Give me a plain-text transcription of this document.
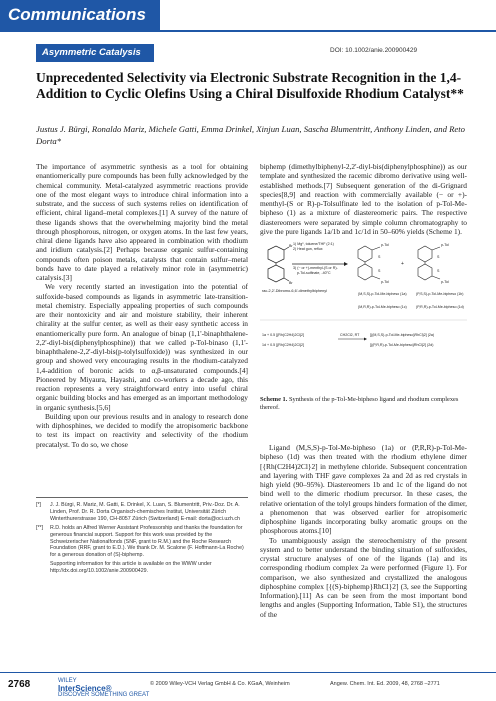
Communications
Asymmetric Catalysis	DOI: 10.1002/anie.200900429
Unprecedented Selectivity via Electronic Substrate Recognition in the 1,4-Addition to Cyclic Olefins Using a Chiral Disulfoxide Rhodium Catalyst**
Justus J. Bürgi, Ronaldo Mariz, Michele Gatti, Emma Drinkel, Xinjun Luan, Sascha Blumentritt, Anthony Linden, and Reto Dorta*

The importance of asymmetric synthesis as a tool for obtaining enantiomerically pure compounds has been fully acknowledged by the chemical community. Metal-catalyzed asymmetric reactions provide one of the most elegant ways to introduce chiral information into a substrate, and the success of such systems relies on identification of efficient, chiral ligand–metal complexes.[1] A survey of the nature of these ligands shows that the overwhelming majority bind the metal through phosphorous, nitrogen, or oxygen atoms. In the last few years, chiral diene ligands have also appeared in combination with rhodium and iridium catalysis.[2] Perhaps because organic sulfur-containing compounds often poison metals, catalysts that contain sulfur–metal bonds have to date played a relatively minor role in (asymmetric) catalysis.[3]

We very recently started an investigation into the potential of sulfoxide-based compounds as ligands in asymmetric late-transition-metal chemistry. Especially appealing properties of such compounds are their nontoxicity and air and moisture stability, their inherent chirality at the sulfur center, as well as their easy synthetic access in enantiomerically pure form. An analogue of binap (1,1'-binaphthalene-2,2'-diyl-bis(diphenylphosphine)) that we called p-Tol-binaso (1,1'-binaphthalene-2,2'-diyl-bis(p-tolylsulfoxide)) was synthesized in our group and showed very encouraging results in the rhodium-catalyzed 1,4-addition of boronic acids to α,β-unsaturated compounds.[4] Pioneered by Miyaura, Hayashi, and co-workers a decade ago, this reaction represents a very straightforward entry into useful chiral organic building blocks and has emerged as an important methodology in organic synthesis.[5,6]

Building upon our previous results and in analogy to research done with diphosphines, we decided to modify the atropisomeric backbone to test its impact on reactivity and selectivity of the rhodium precatalyst. To do so, we chose

biphemp (dimethylbiphenyl-2,2'-diyl-bis(diphenylphosphine)) as our template and synthesized the racemic dibromo derivative using well-established methods.[7] Subsequent generation of the di-Grignard species[8,9] and reaction with commercially available (− or +)-menthyl-(S or R)-p-Tolsulfinate led to the isolation of p-Tol-Me-bipheso (1) as a mixture of diastereomeric pairs. The respective diastereomers were separated by simple column chromatography to give the pure ligands 1a/1b and 1c/1d in 50–60% yields (Scheme 1).

Br
Br
rac-2,2'-Dibromo-6,6'-dimethylbiphenyl
1) Mg⁰, toluene/THF (2:1)
2) Heat gun, reflux
3) (− or +)-menthyl-(S or R)-
p-Tol-sulfinate, -40°C
p-Tol
p-Tol
S
S
p-Tol
p-Tol
S
S
+
(M,S,S)-p-Tol-Me-bipheso (1a)	(P,S,S)-p-Tol-Me-bipheso (1b)
(M,R,R)-p-Tol-Me-bipheso (1c)	(P,R,R)-p-Tol-Me-bipheso (1d)
1a + 0.5 [{Rh(C2H4)2Cl}2]
1d + 0.5 [{Rh(C2H4)2Cl}2]
CH2Cl2, RT	[{(M,S,S)-p-Tol-Me-bipheso}RhCl}2] (2a)
[{(P,R,R)-p-Tol-Me-bipheso}RhCl}2] (2d)
Scheme 1. Synthesis of the p-Tol-Me-bipheso ligand and rhodium complexes thereof.

Ligand (M,S,S)-p-Tol-Me-bipheso (1a) or (P,R,R)-p-Tol-Me-bipheso (1d) was then treated with the rhodium ethylene dimer [{Rh(C2H4)2Cl}2] in methylene chloride. Subsequent concentration and layering with THF gave complexes 2a and 2d as red crystals in high yield (90–95%). Diastereomers 1b and 1c of the ligand do not bind well to the dimeric rhodium precursor. In these cases, the relative orientation of the tolyl groups hinders formation of the dimer, a phenomenon that was observed earlier for atropisomeric diphosphine ligands incorporating bulky aromatic groups on the phosphorous atoms.[10]

To unambiguously assign the stereochemistry of the present system and to better understand the binding situation of sulfoxides, crystal structure analyses of one of the ligands (1a) and its corresponding rhodium complex 2a were performed (Figure 1). For comparison, we also synthesized and crystallized the analogous diphosphine complex [{(S)-biphemp}RhCl}2] (3, see the Supporting Information).[11] As can be seen from the most important bond lengths and angles (Supporting Information, Table S1), the structures of the

[*]	J. J. Bürgi, R. Mariz, M. Gatti, E. Drinkel, X. Luan, S. Blumentritt, Priv.-Doz. Dr. A. Linden, Prof. Dr. R. Dorta Organisch-chemisches Institut, Universität Zürich Winterthurerstrasse 190, CH-8057 Zürich (Switzerland) E-mail: dorta@oci.uzh.ch
[**]	R.D. holds an Alfred Werner Assistant Professorship and thanks the foundation for generous financial support. Support for this work was provided by the Schweizerischer Nationalfonds (SNF, grant to R.M.) and the Roche Research Foundation (RRF, grant to E.D.). We thank Dr. M. Scalone (F. Hoffmann-La Roche) for a generous donation of (S)-biphemp.
Supporting information for this article is available on the WWW under http://dx.doi.org/10.1002/anie.200900429.
2768	WILEY
InterScience®
DISCOVER SOMETHING GREAT
© 2009 Wiley-VCH Verlag GmbH & Co. KGaA, Weinheim	Angew. Chem. Int. Ed. 2009, 48, 2768 –2771
